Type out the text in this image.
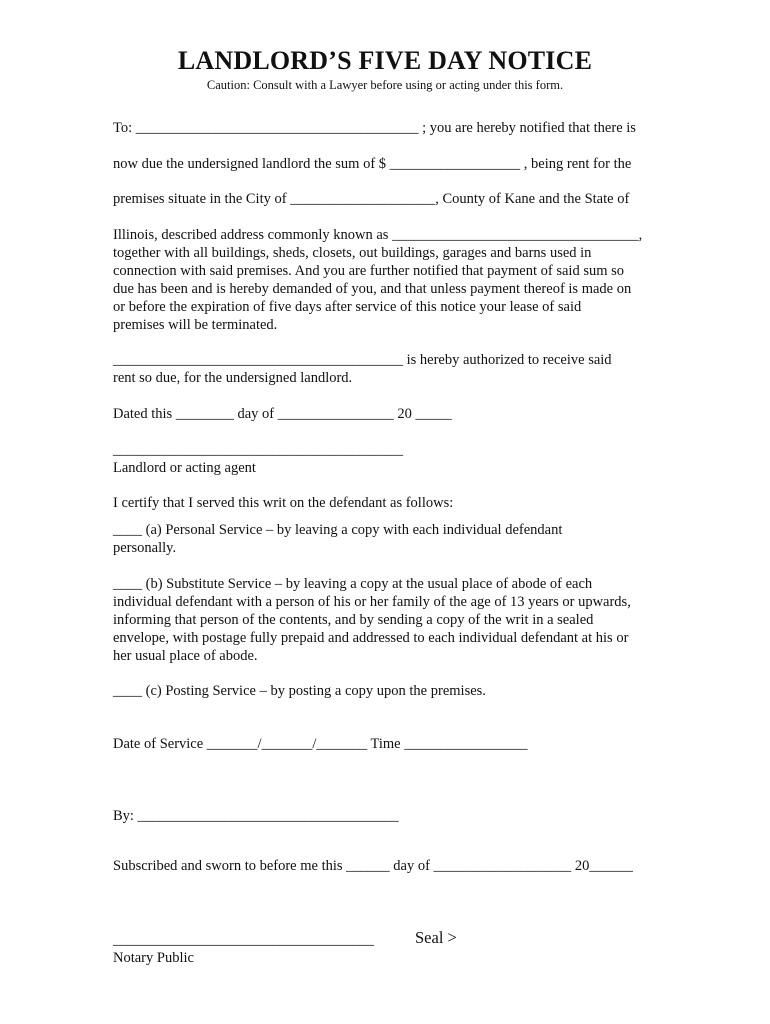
LANDLORD’S FIVE DAY NOTICE
Caution: Consult with a Lawyer before using or acting under this form.
To: _______________________________________ ; you are hereby notified that there is
now due the undersigned landlord the sum of $ __________________ , being rent for the
premises situate in the City of ____________________, County of Kane and the State of
Illinois, described address commonly known as __________________________________,
together with all buildings, sheds, closets, out buildings, garages and barns used in
connection with said premises. And you are further notified that payment of said sum so
due has been and is hereby demanded of you, and that unless payment thereof is made on
or before the expiration of five days after service of this notice your lease of said
premises will be terminated.
________________________________________ is hereby authorized to receive said
rent so due, for the undersigned landlord.
Dated this ________ day of ________________ 20 _____
________________________________________
Landlord or acting agent
I certify that I served this writ on the defendant as follows:
____ (a) Personal Service – by leaving a copy with each individual defendant
personally.
____ (b) Substitute Service – by leaving a copy at the usual place of abode of each
individual defendant with a person of his or her family of the age of 13 years or upwards,
informing that person of the contents, and by sending a copy of the writ in a sealed
envelope, with postage fully prepaid and addressed to each individual defendant at his or
her usual place of abode.
____ (c) Posting Service – by posting a copy upon the premises.
Date of Service _______/_______/_______ Time _________________
By: ____________________________________
Subscribed and sworn to before me this ______ day of ___________________ 20______
____________________________________ Seal >
Notary Public
